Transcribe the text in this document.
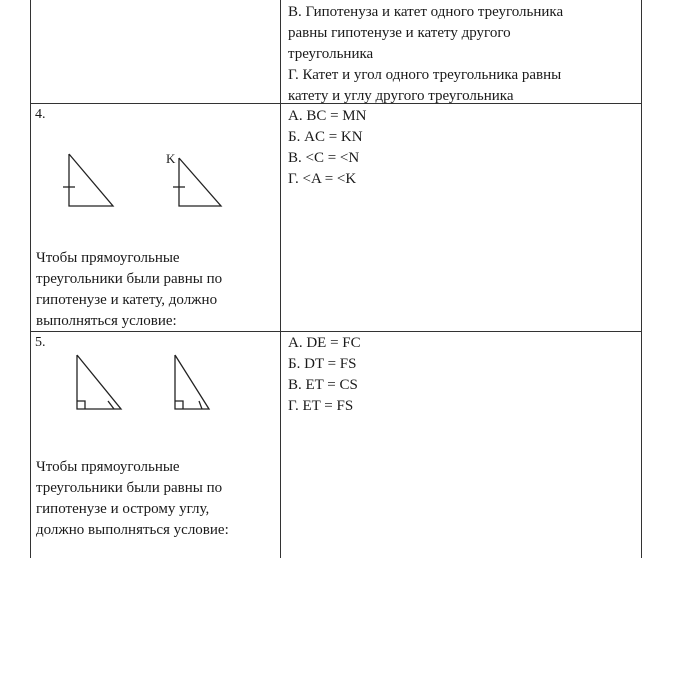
В. Гипотенуза и катет одного треугольника
равны гипотенузе и катету другого
треугольника
Г. Катет и угол одного треугольника равны
катету и углу другого треугольника
4.
K
Чтобы прямоугольные
треугольники были равны по
гипотенузе и катету, должно
выполняться условие:
А. BC = MN
Б. AC = KN
В. <C = <N
Г. <A = <K
5.
Чтобы прямоугольные
треугольники были равны по
гипотенузе и острому углу,
должно выполняться условие:
А. DE = FC
Б. DT = FS
В. ET = CS
Г. ET = FS
